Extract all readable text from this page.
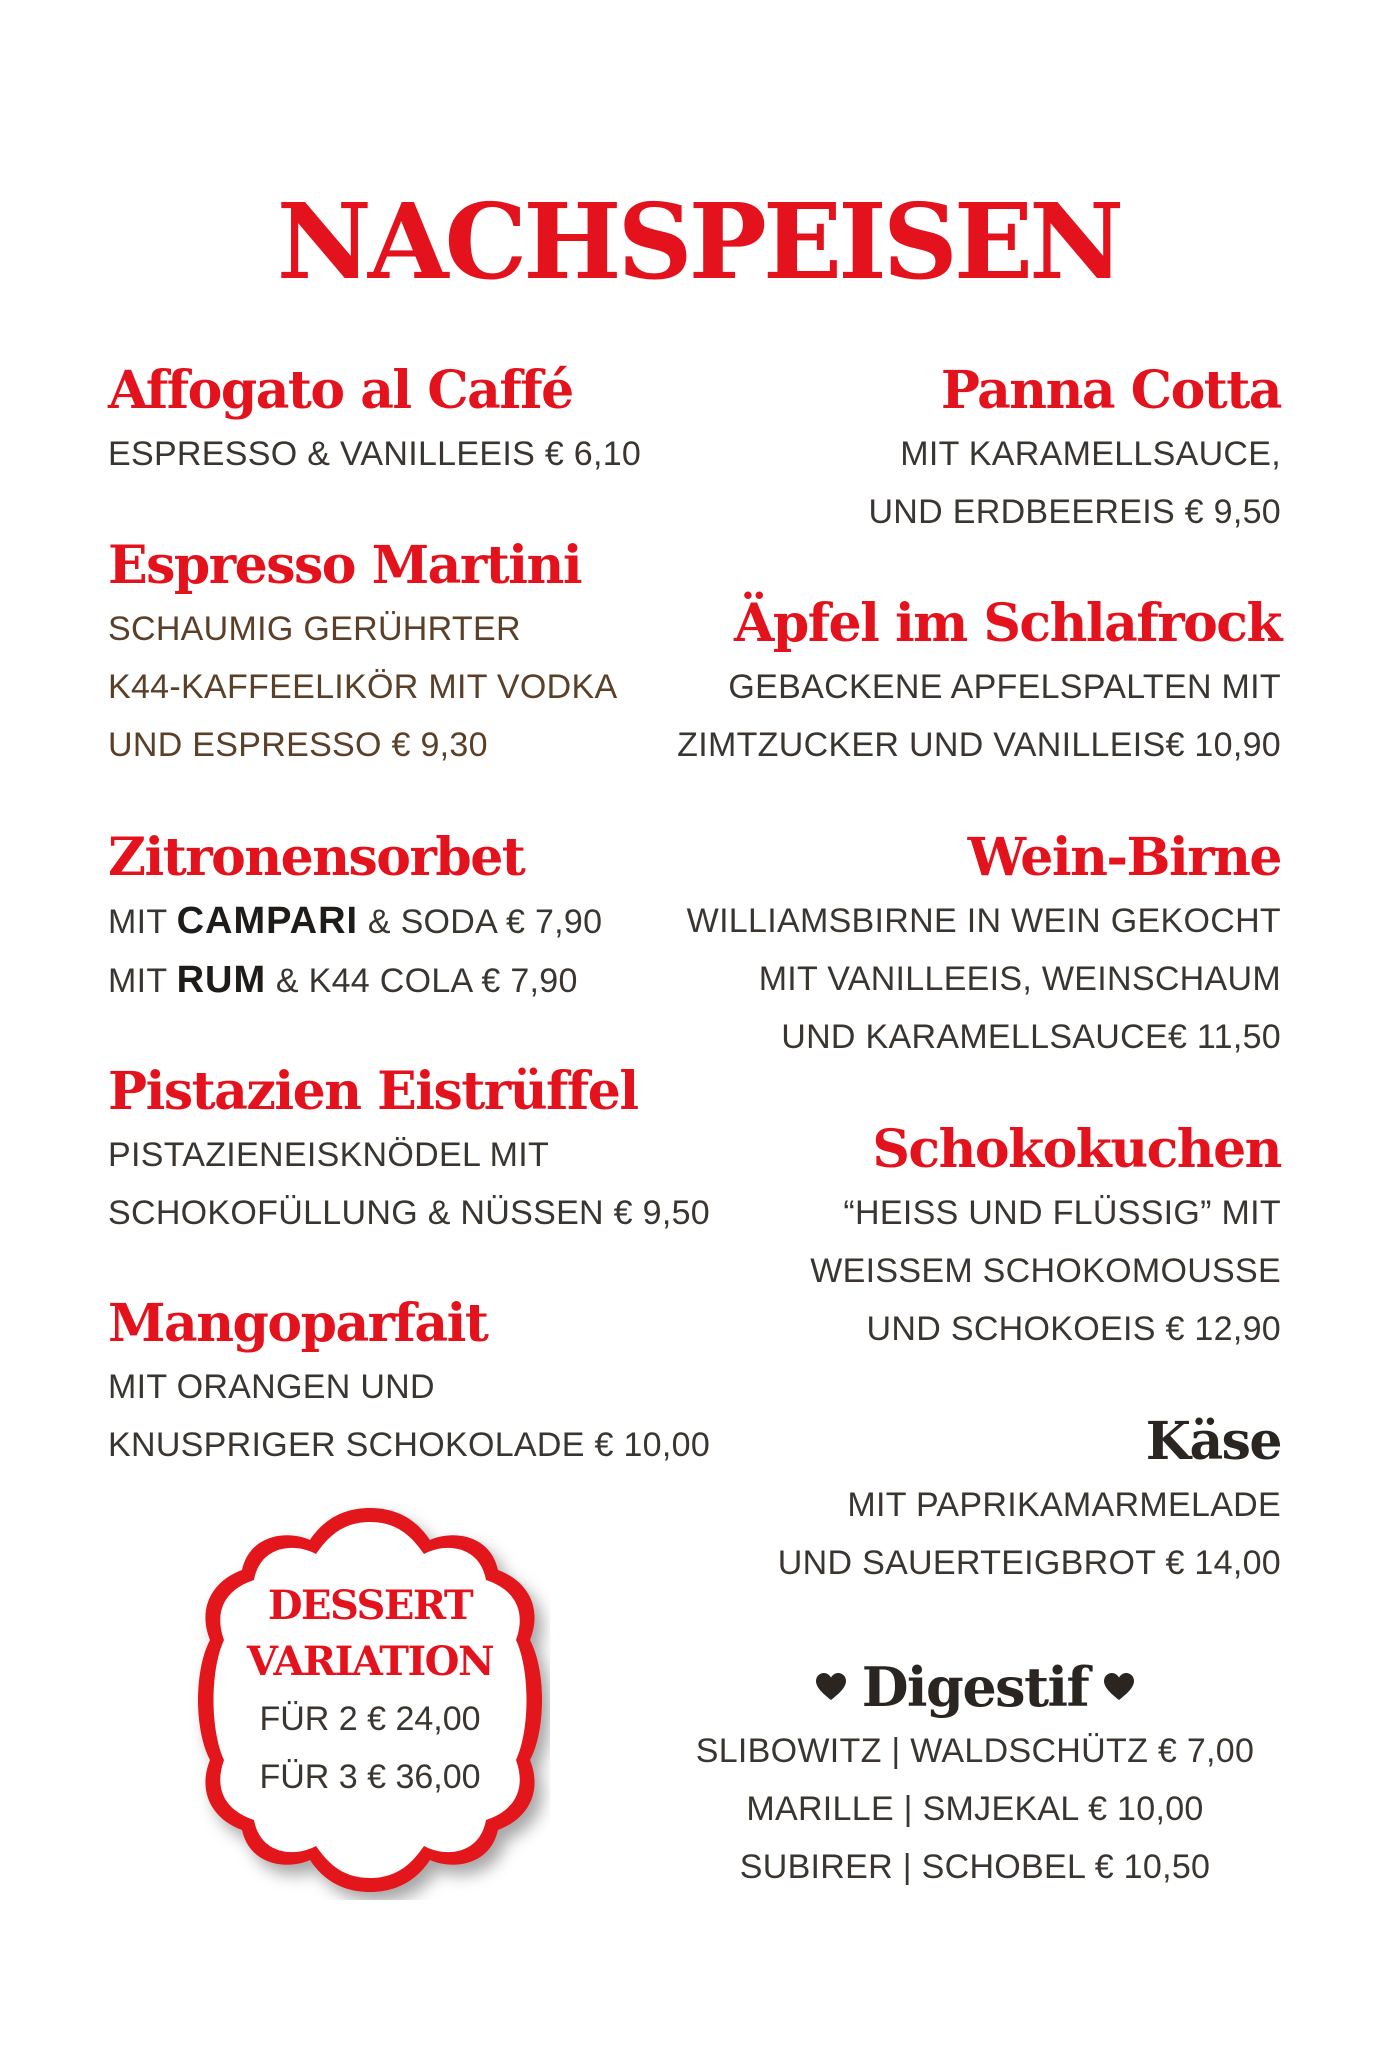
NACHSPEISEN
Affogato al Caffé
ESPRESSO & VANILLEEIS € 6,10
Espresso Martini
SCHAUMIG GERÜHRTER
K44-KAFFEELIKÖR MIT VODKA
UND ESPRESSO € 9,30
Zitronensorbet
MIT CAMPARI & SODA € 7,90
MIT RUM & K44 COLA € 7,90
Pistazien Eistrüffel
PISTAZIENEISKNÖDEL MIT
SCHOKOFÜLLUNG & NÜSSEN € 9,50
Mangoparfait
MIT ORANGEN UND
KNUSPRIGER SCHOKOLADE € 10,00
DESSERT
VARIATION
FÜR 2 € 24,00
FÜR 3 € 36,00
Panna Cotta
MIT KARAMELLSAUCE,
UND ERDBEEREIS € 9,50
Äpfel im Schlafrock
GEBACKENE APFELSPALTEN MIT
ZIMTZUCKER UND VANILLEIS€ 10,90
Wein-Birne
WILLIAMSBIRNE IN WEIN GEKOCHT
MIT VANILLEEIS, WEINSCHAUM
UND KARAMELLSAUCE€ 11,50
Schokokuchen
“HEISS UND FLÜSSIG” MIT
WEISSEM SCHOKOMOUSSE
UND SCHOKOEIS € 12,90
Käse
MIT PAPRIKAMARMELADE
UND SAUERTEIGBROT € 14,00
Digestif
SLIBOWITZ | WALDSCHÜTZ € 7,00
MARILLE | SMJEKAL € 10,00
SUBIRER | SCHOBEL € 10,50
